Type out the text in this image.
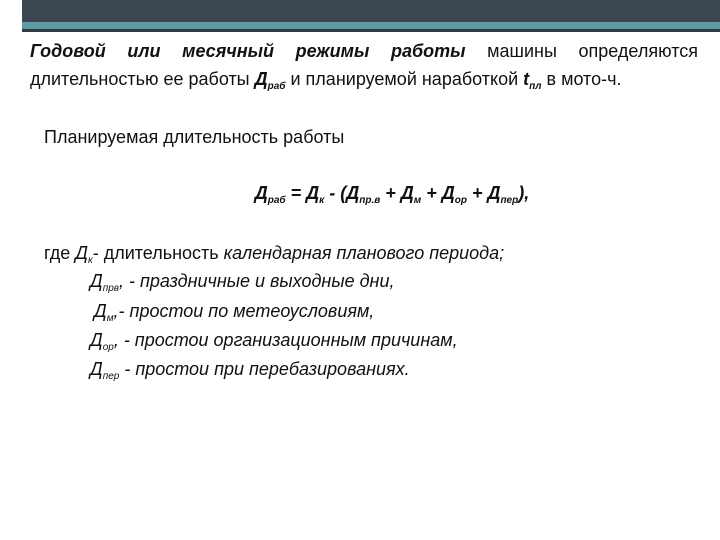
Годовой или месячный режимы работы машины определяются длительностью ее работы $Д_{раб}$ и планируемой наработкой $t_{пл}$ в мото-ч.

Планируемая длительность работы
$Д_{раб} = Д_к - (Д_{пр.в} + Д_м + Д_{ор} + Д_{пер})$,
где $Д_к-$ длительность календарная планового периода;
$Д_{прв}$, - праздничные и выходные дни,
$Д_м,-$ простои по метеоусловиям,
$Д_{ор}$, - простои организационным причинам,
$Д_{пер}$ - простои при перебазированиях.
